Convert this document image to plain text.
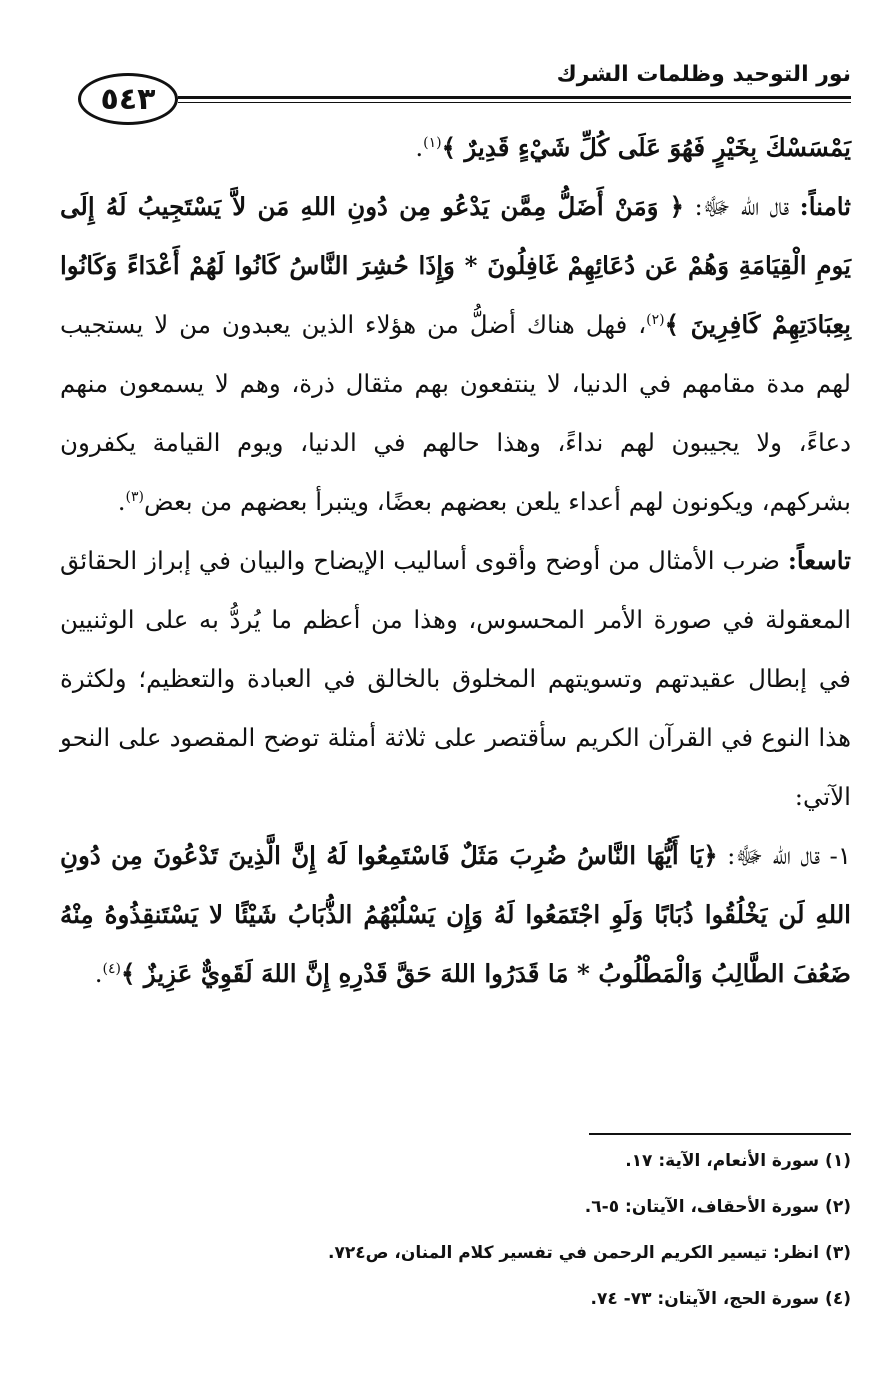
٥٤٣
نور التوحيد وظلمات الشرك

يَمْسَسْكَ بِخَيْرٍ فَهُوَ عَلَى كُلِّ شَيْءٍ قَدِيرٌ ﴾$^{(١)}$.

ثامناً: قال الله ﷻ: ﴿ وَمَنْ أَضَلُّ مِمَّن يَدْعُو مِن دُونِ اللهِ مَن لاَّ يَسْتَجِيبُ لَهُ إِلَى يَومِ الْقِيَامَةِ وَهُمْ عَن دُعَائِهِمْ غَافِلُونَ * وَإِذَا حُشِرَ النَّاسُ كَانُوا لَهُمْ أَعْدَاءً وَكَانُوا بِعِبَادَتِهِمْ كَافِرِينَ ﴾$^{(٢)}$، فهل هناك أضلُّ من هؤلاء الذين يعبدون من لا يستجيب لهم مدة مقامهم في الدنيا، لا ينتفعون بهم مثقال ذرة، وهم لا يسمعون منهم دعاءً، ولا يجيبون لهم نداءً، وهذا حالهم في الدنيا، ويوم القيامة يكفرون بشركهم، ويكونون لهم أعداء يلعن بعضهم بعضًا، ويتبرأ بعضهم من بعض$^{(٣)}$.

تاسعاً: ضرب الأمثال من أوضح وأقوى أساليب الإيضاح والبيان في إبراز الحقائق المعقولة في صورة الأمر المحسوس، وهذا من أعظم ما يُردُّ به على الوثنيين في إبطال عقيدتهم وتسويتهم المخلوق بالخالق في العبادة والتعظيم؛ ولكثرة هذا النوع في القرآن الكريم سأقتصر على ثلاثة أمثلة توضح المقصود على النحو الآتي:

١- قال الله ﷻ: ﴿يَا أَيُّهَا النَّاسُ ضُرِبَ مَثَلٌ فَاسْتَمِعُوا لَهُ إِنَّ الَّذِينَ تَدْعُونَ مِن دُونِ اللهِ لَن يَخْلُقُوا ذُبَابًا وَلَوِ اجْتَمَعُوا لَهُ وَإِن يَسْلُبْهُمُ الذُّبَابُ شَيْئًا لا يَسْتَنقِذُوهُ مِنْهُ ضَعُفَ الطَّالِبُ وَالْمَطْلُوبُ * مَا قَدَرُوا اللهَ حَقَّ قَدْرِهِ إِنَّ اللهَ لَقَوِيٌّ عَزِيزٌ ﴾$^{(٤)}$.

(١) سورة الأنعام، الآية: ١٧.
(٢) سورة الأحقاف، الآيتان: ٥-٦.
(٣) انظر: تيسير الكريم الرحمن في تفسير كلام المنان، ص٧٢٤.
(٤) سورة الحج، الآيتان: ٧٣- ٧٤.
